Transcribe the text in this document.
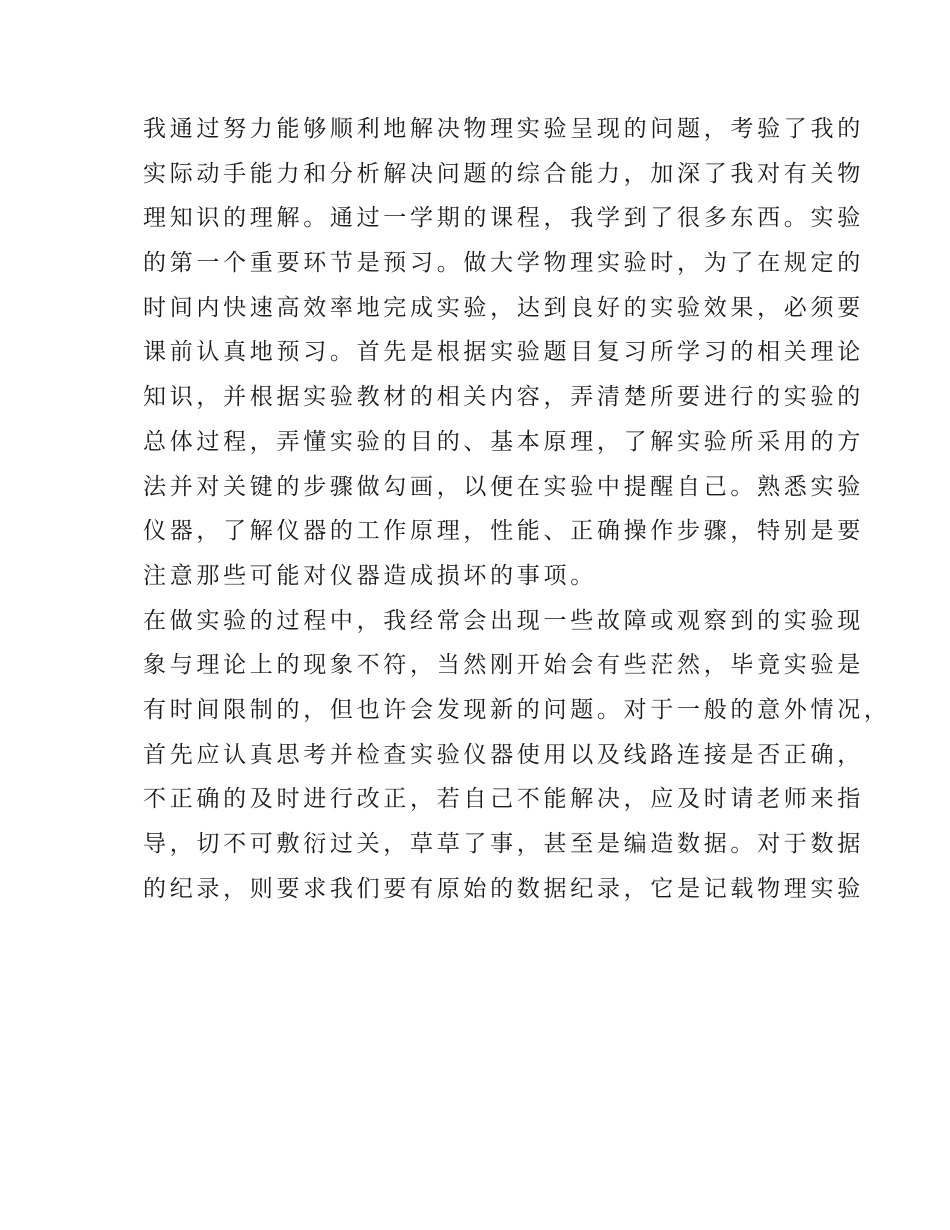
我通过努力能够顺利地解决物理实验呈现的问题，考验了我的
实际动手能力和分析解决问题的综合能力，加深了我对有关物
理知识的理解。通过一学期的课程，我学到了很多东西。实验
的第一个重要环节是预习。做大学物理实验时，为了在规定的
时间内快速高效率地完成实验，达到良好的实验效果，必须要
课前认真地预习。首先是根据实验题目复习所学习的相关理论
知识，并根据实验教材的相关内容，弄清楚所要进行的实验的
总体过程，弄懂实验的目的、基本原理，了解实验所采用的方
法并对关键的步骤做勾画，以便在实验中提醒自己。熟悉实验
仪器，了解仪器的工作原理，性能、正确操作步骤，特别是要
注意那些可能对仪器造成损坏的事项。
在做实验的过程中，我经常会出现一些故障或观察到的实验现
象与理论上的现象不符，当然刚开始会有些茫然，毕竟实验是
有时间限制的，但也许会发现新的问题。对于一般的意外情况，
首先应认真思考并检查实验仪器使用以及线路连接是否正确，
不正确的及时进行改正，若自己不能解决，应及时请老师来指
导，切不可敷衍过关，草草了事，甚至是编造数据。对于数据
的纪录，则要求我们要有原始的数据纪录，它是记载物理实验
